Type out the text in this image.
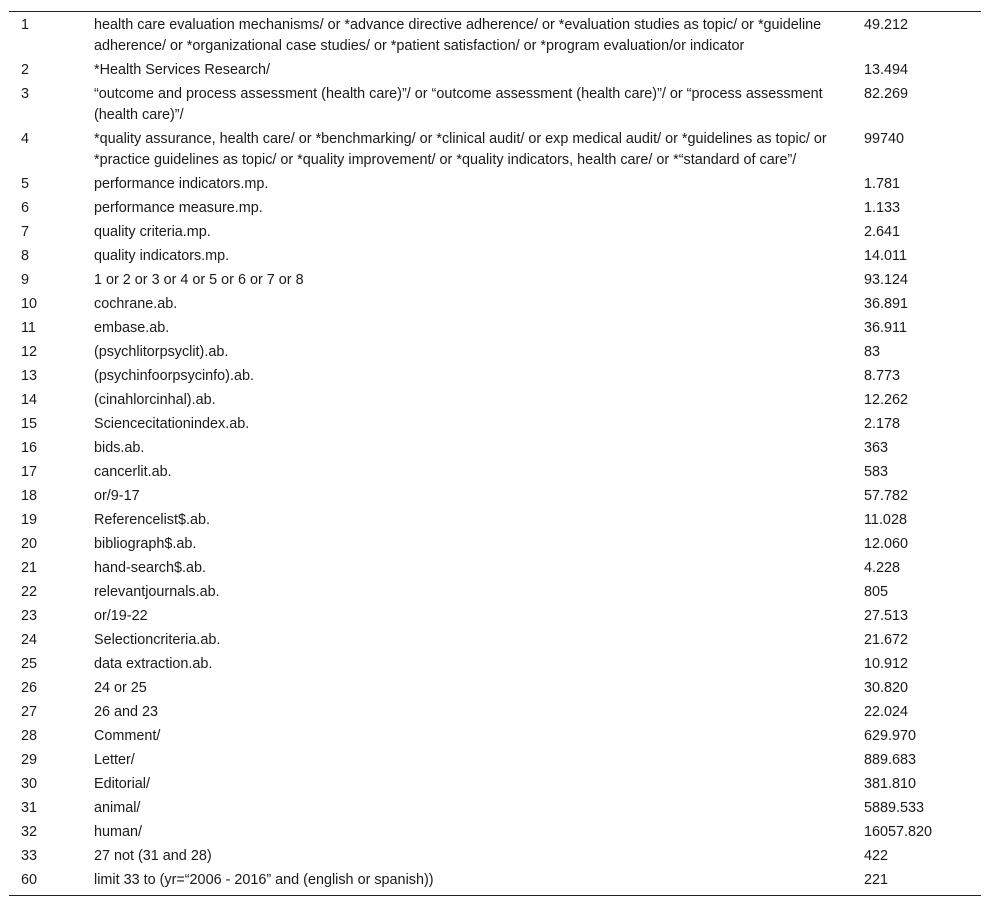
1	health care evaluation mechanisms/ or *advance directive adherence/ or *evaluation studies as topic/ or *guideline adherence/ or *organizational case studies/ or *patient satisfaction/ or *program evaluation/or indicator	49.212
2	*Health Services Research/	13.494
3	“outcome and process assessment (health care)”/ or “outcome assessment (health care)”/ or “process assessment (health care)”/	82.269
4	*quality assurance, health care/ or *benchmarking/ or *clinical audit/ or exp medical audit/ or *guidelines as topic/ or *practice guidelines as topic/ or *quality improvement/ or *quality indicators, health care/ or *“standard of care”/	99740
5	performance indicators.mp.	1.781
6	performance measure.mp.	1.133
7	quality criteria.mp.	2.641
8	quality indicators.mp.	14.011
9	1 or 2 or 3 or 4 or 5 or 6 or 7 or 8	93.124
10	cochrane.ab.	36.891
11	embase.ab.	36.911
12	(psychlitorpsyclit).ab.	83
13	(psychinfoorpsycinfo).ab.	8.773
14	(cinahlorcinhal).ab.	12.262
15	Sciencecitationindex.ab.	2.178
16	bids.ab.	363
17	cancerlit.ab.	583
18	or/9-17	57.782
19	Referencelist$.ab.	11.028
20	bibliograph$.ab.	12.060
21	hand-search$.ab.	4.228
22	relevantjournals.ab.	805
23	or/19-22	27.513
24	Selectioncriteria.ab.	21.672
25	data extraction.ab.	10.912
26	24 or 25	30.820
27	26 and 23	22.024
28	Comment/	629.970
29	Letter/	889.683
30	Editorial/	381.810
31	animal/	5889.533
32	human/	16057.820
33	27 not (31 and 28)	422
60	limit 33 to (yr=“2006 - 2016” and (english or spanish))	221
